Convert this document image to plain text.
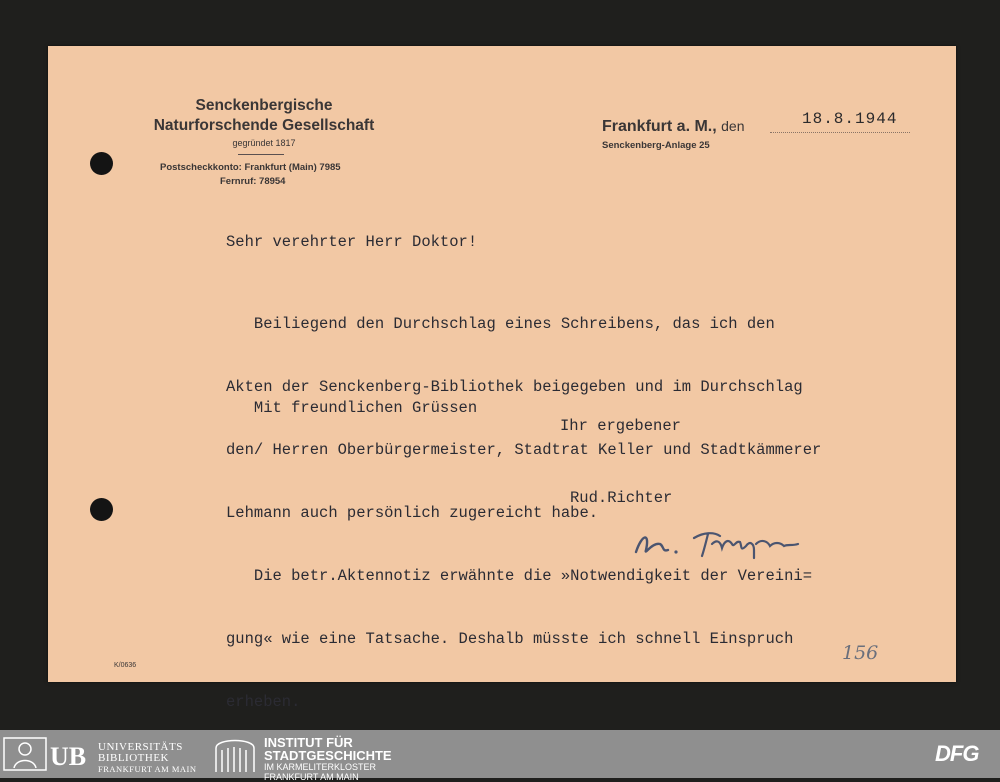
Senckenbergische
Naturforschende Gesellschaft
gegründet 1817
Postscheckkonto: Frankfurt (Main) 7985
Fernruf: 78954
Frankfurt a. M., den
Senckenberg-Anlage 25
18.8.1944
Sehr verehrter Herr Doktor!

Beiliegend den Durchschlag eines Schreibens, das ich den

Akten der Senckenberg-Bibliothek beigegeben und im Durchschlag

den/ Herren Oberbürgermeister, Stadtrat Keller und Stadtkämmerer

Lehmann auch persönlich zugereicht habe.

Die betr.Aktennotiz erwähnte die »Notwendigkeit der Vereini=

gung« wie eine Tatsache. Deshalb müsste ich schnell Einspruch

erheben.

Mit freundlichen Grüssen
Ihr ergebener
Rud.Richter
K/0636
156
UB UNIVERSITÄTS
BIBLIOTHEK
FRANKFURT AM MAIN
INSTITUT FÜR
STADTGESCHICHTE
IM KARMELITERKLOSTER
FRANKFURT AM MAIN
DFG
